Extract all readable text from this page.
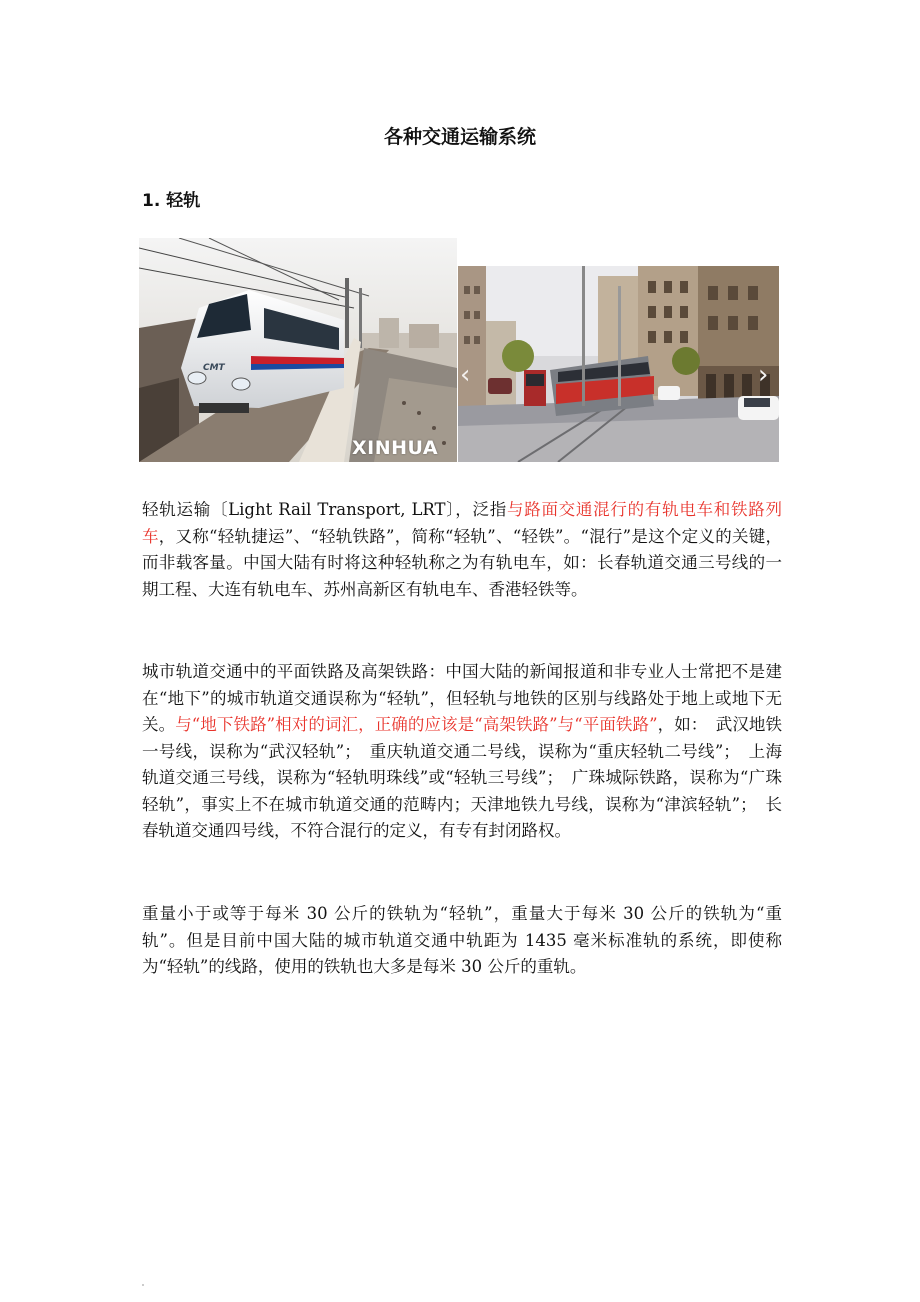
各种交通运输系统
1. 轻轨
CMT
XINHUA
‹	›

轻轨运输〔Light Rail Transport, LRT〕，泛指与路面交通混行的有轨电车和铁路列车，又称“轻轨捷运”、“轻轨铁路”，简称“轻轨”、“轻铁”。“混行”是这个定义的关键，而非载客量。中国大陆有时将这种轻轨称之为有轨电车，如：长春轨道交通三号线的一期工程、大连有轨电车、苏州高新区有轨电车、香港轻铁等。

城市轨道交通中的平面铁路及高架铁路：中国大陆的新闻报道和非专业人士常把不是建在“地下”的城市轨道交通误称为“轻轨”，但轻轨与地铁的区别与线路处于地上或地下无关。与“地下铁路”相对的词汇，正确的应该是“高架铁路”与“平面铁路”，如：　武汉地铁一号线，误称为“武汉轻轨”；　重庆轨道交通二号线，误称为“重庆轻轨二号线”；　上海轨道交通三号线，误称为“轻轨明珠线”或“轻轨三号线”；　广珠城际铁路，误称为“广珠轻轨”，事实上不在城市轨道交通的范畴内；天津地铁九号线，误称为“津滨轻轨”；　长春轨道交通四号线，不符合混行的定义，有专有封闭路权。

重量小于或等于每米 30 公斤的铁轨为“轻轨”，重量大于每米 30 公斤的铁轨为“重轨”。但是目前中国大陆的城市轨道交通中轨距为 1435 毫米标准轨的系统，即使称为“轻轨”的线路，使用的铁轨也大多是每米 30 公斤的重轨。
